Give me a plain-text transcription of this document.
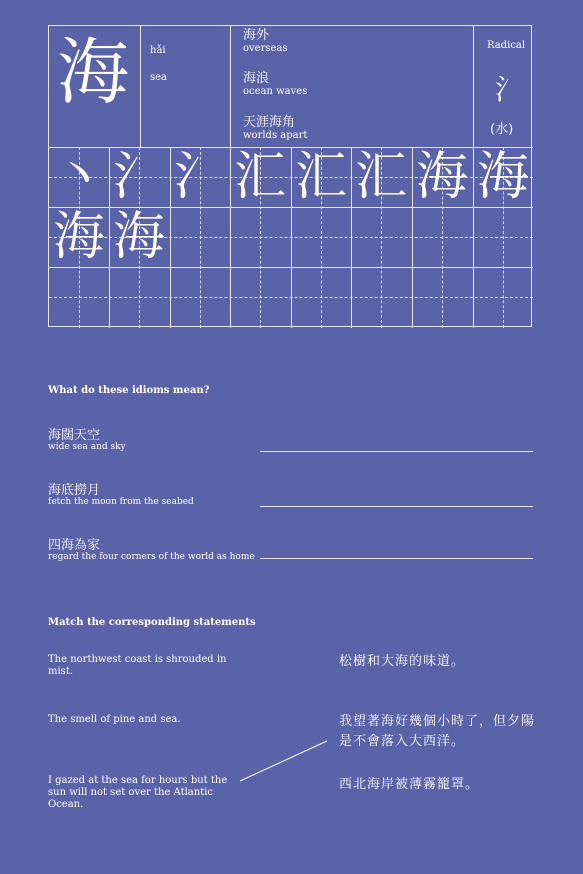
海 hǎi
sea
海外
overseas
海浪
ocean waves
天涯海角
worlds apart
Radical
氵
(水)
丶 氵 氵 汇 汇 汇 海 海
海 海
What do these idioms mean?
海闊天空
wide sea and sky
海底撈月
fetch the moon from the seabed
四海為家
regard the four corners of the world as home
Match the corresponding statements
The northwest coast is shrouded in mist.
The smell of pine and sea.
I gazed at the sea for hours but the sun will not set over the Atlantic Ocean.
松樹和大海的味道。
我望著海好幾個小時了，但夕陽是不會落入大西洋。
西北海岸被薄霧籠罩。
